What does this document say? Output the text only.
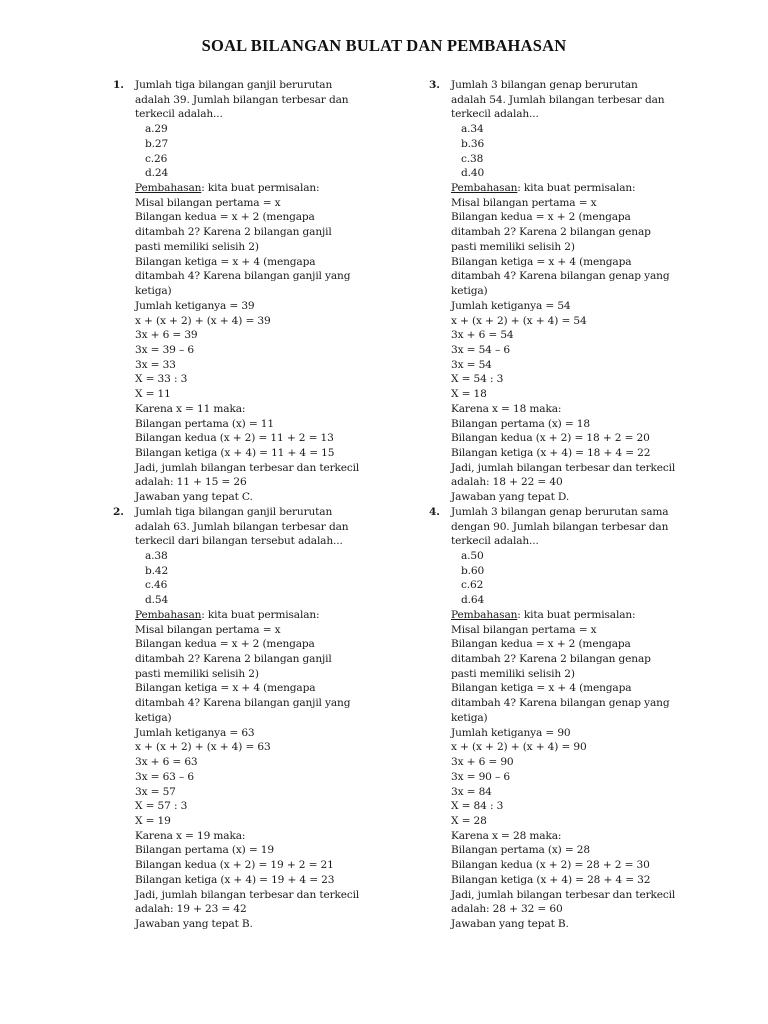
SOAL BILANGAN BULAT DAN PEMBAHASAN
1. Jumlah tiga bilangan ganjil berurutan
adalah 39. Jumlah bilangan terbesar dan
terkecil adalah...
a.29
b.27
c.26
d.24
Pembahasan: kita buat permisalan:
Misal bilangan pertama = x
Bilangan kedua = x + 2 (mengapa
ditambah 2? Karena 2 bilangan ganjil
pasti memiliki selisih 2)
Bilangan ketiga = x + 4 (mengapa
ditambah 4? Karena bilangan ganjil yang
ketiga)
Jumlah ketiganya = 39
x + (x + 2) + (x + 4) = 39
3x + 6 = 39
3x = 39 – 6
3x = 33
X = 33 : 3
X = 11
Karena x = 11 maka:
Bilangan pertama (x) = 11
Bilangan kedua (x + 2) = 11 + 2 = 13
Bilangan ketiga (x + 4) = 11 + 4 = 15
Jadi, jumlah bilangan terbesar dan terkecil
adalah: 11 + 15 = 26
Jawaban yang tepat C.
2. Jumlah tiga bilangan ganjil berurutan
adalah 63. Jumlah bilangan terbesar dan
terkecil dari bilangan tersebut adalah...
a.38
b.42
c.46
d.54
Pembahasan: kita buat permisalan:
Misal bilangan pertama = x
Bilangan kedua = x + 2 (mengapa
ditambah 2? Karena 2 bilangan ganjil
pasti memiliki selisih 2)
Bilangan ketiga = x + 4 (mengapa
ditambah 4? Karena bilangan ganjil yang
ketiga)
Jumlah ketiganya = 63
x + (x + 2) + (x + 4) = 63
3x + 6 = 63
3x = 63 – 6
3x = 57
X = 57 : 3
X = 19
Karena x = 19 maka:
Bilangan pertama (x) = 19
Bilangan kedua (x + 2) = 19 + 2 = 21
Bilangan ketiga (x + 4) = 19 + 4 = 23
Jadi, jumlah bilangan terbesar dan terkecil
adalah: 19 + 23 = 42
Jawaban yang tepat B.
3. Jumlah 3 bilangan genap berurutan
adalah 54. Jumlah bilangan terbesar dan
terkecil adalah...
a.34
b.36
c.38
d.40
Pembahasan: kita buat permisalan:
Misal bilangan pertama = x
Bilangan kedua = x + 2 (mengapa
ditambah 2? Karena 2 bilangan genap
pasti memiliki selisih 2)
Bilangan ketiga = x + 4 (mengapa
ditambah 4? Karena bilangan genap yang
ketiga)
Jumlah ketiganya = 54
x + (x + 2) + (x + 4) = 54
3x + 6 = 54
3x = 54 – 6
3x = 54
X = 54 : 3
X = 18
Karena x = 18 maka:
Bilangan pertama (x) = 18
Bilangan kedua (x + 2) = 18 + 2 = 20
Bilangan ketiga (x + 4) = 18 + 4 = 22
Jadi, jumlah bilangan terbesar dan terkecil
adalah: 18 + 22 = 40
Jawaban yang tepat D.
4. Jumlah 3 bilangan genap berurutan sama
dengan 90. Jumlah bilangan terbesar dan
terkecil adalah...
a.50
b.60
c.62
d.64
Pembahasan: kita buat permisalan:
Misal bilangan pertama = x
Bilangan kedua = x + 2 (mengapa
ditambah 2? Karena 2 bilangan genap
pasti memiliki selisih 2)
Bilangan ketiga = x + 4 (mengapa
ditambah 4? Karena bilangan genap yang
ketiga)
Jumlah ketiganya = 90
x + (x + 2) + (x + 4) = 90
3x + 6 = 90
3x = 90 – 6
3x = 84
X = 84 : 3
X = 28
Karena x = 28 maka:
Bilangan pertama (x) = 28
Bilangan kedua (x + 2) = 28 + 2 = 30
Bilangan ketiga (x + 4) = 28 + 4 = 32
Jadi, jumlah bilangan terbesar dan terkecil
adalah: 28 + 32 = 60
Jawaban yang tepat B.
